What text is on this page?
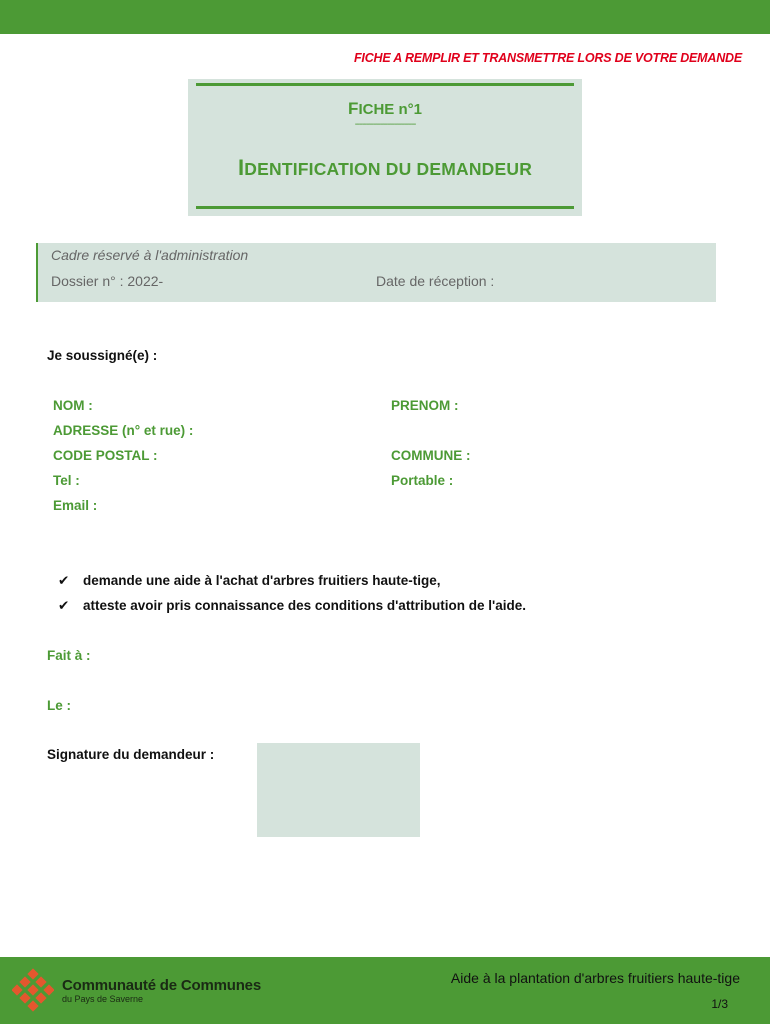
FICHE A REMPLIR ET TRANSMETTRE LORS DE VOTRE DEMANDE
FICHE n°1
--------------------------
IDENTIFICATION DU DEMANDEUR
Cadre réservé à l'administration
Dossier n° : 2022-	Date de réception :
Je soussigné(e) :
NOM :	PRENOM :
ADRESSE (n° et rue) :
CODE POSTAL :	COMMUNE :
Tel :	Portable :
Email :
✔ demande une aide à l'achat d'arbres fruitiers haute-tige,
✔ atteste avoir pris connaissance des conditions d'attribution de l'aide.
Fait à :
Le :
Signature du demandeur :
Communauté de Communes
du Pays de Saverne
Aide à la plantation d'arbres fruitiers haute-tige
1/3
